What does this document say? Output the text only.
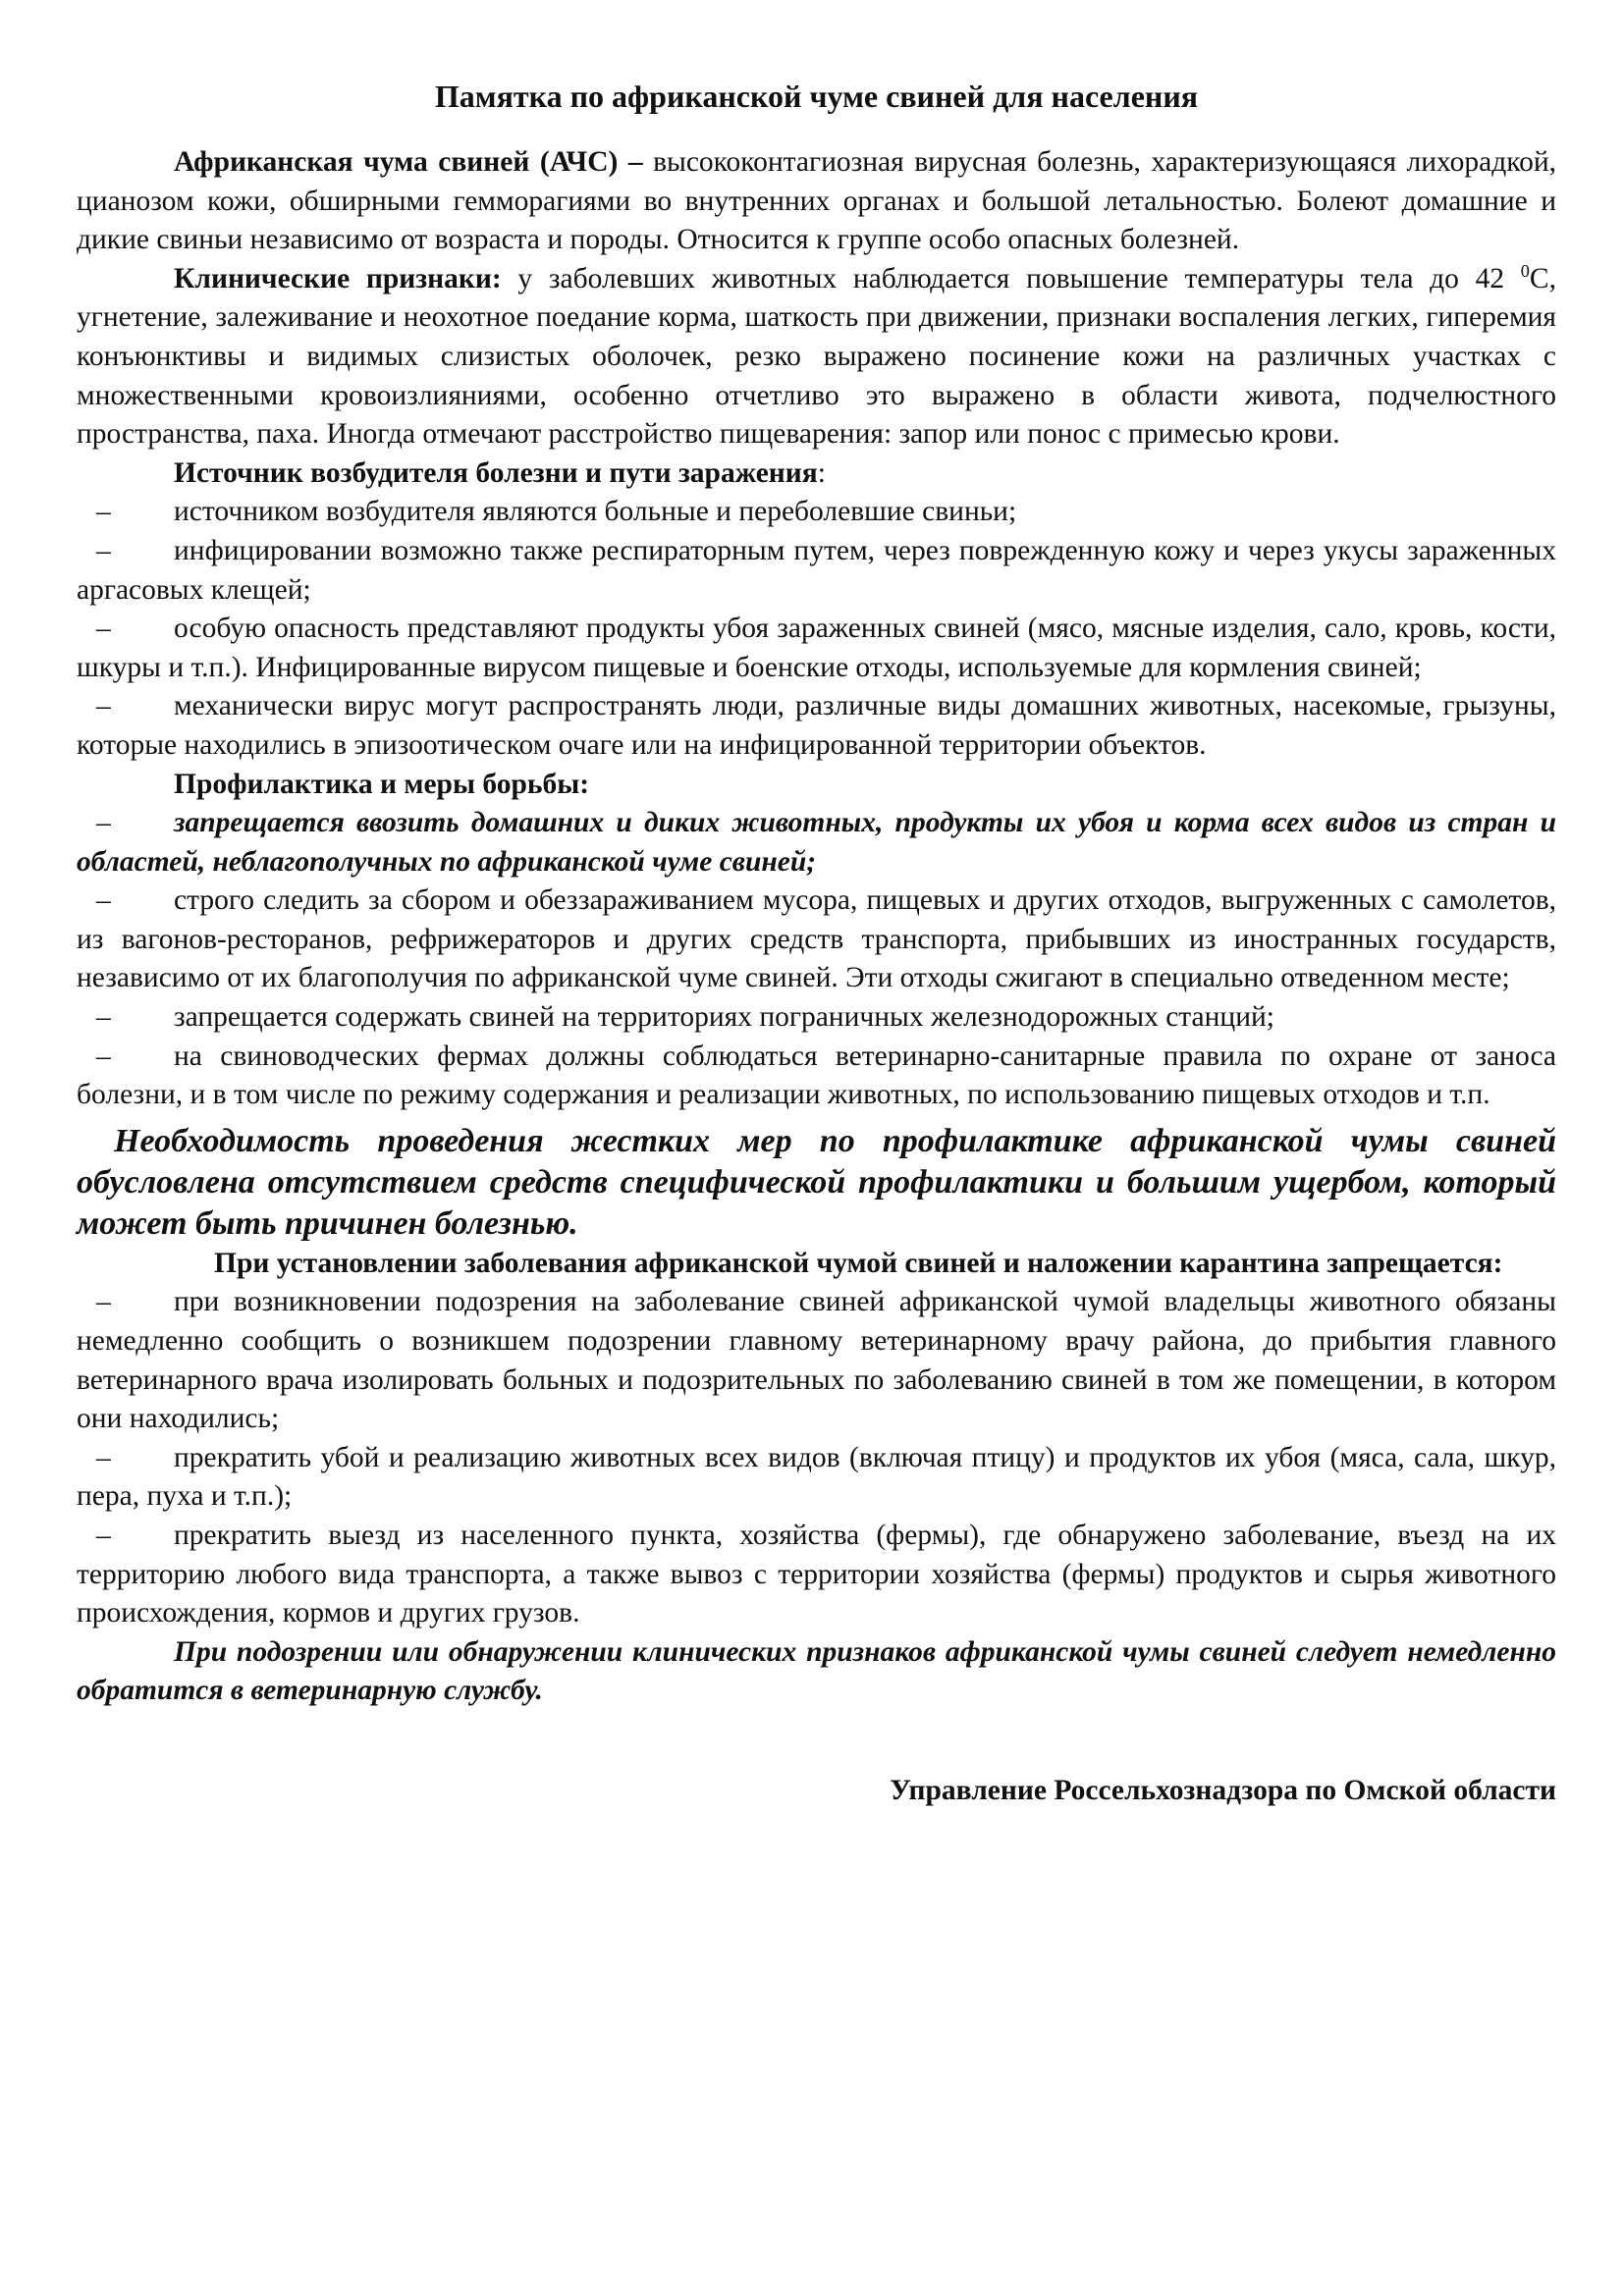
Памятка по африканской чуме свиней для населения

Африканская чума свиней (АЧС) – высококонтагиозная вирусная болезнь, характеризующаяся лихорадкой, цианозом кожи, обширными гемморагиями во внутренних органах и большой летальностью. Болеют домашние и дикие свиньи независимо от возраста и породы. Относится к группе особо опасных болезней.

Клинические признаки: у заболевших животных наблюдается повышение температуры тела до 42 $^0$С, угнетение, залеживание и неохотное поедание корма, шаткость при движении, признаки воспаления легких, гиперемия конъюнктивы и видимых слизистых оболочек, резко выражено посинение кожи на различных участках с множественными кровоизлияниями, особенно отчетливо это выражено в области живота, подчелюстного пространства, паха. Иногда отмечают расстройство пищеварения: запор или понос с примесью крови.

Источник возбудителя болезни и пути заражения:

– источником возбудителя являются больные и переболевшие свиньи;

– инфицировании возможно также респираторным путем, через поврежденную кожу и через укусы зараженных аргасовых клещей;

– особую опасность представляют продукты убоя зараженных свиней (мясо, мясные изделия, сало, кровь, кости, шкуры и т.п.). Инфицированные вирусом пищевые и боенские отходы, используемые для кормления свиней;

– механически вирус могут распространять люди, различные виды домашних животных, насекомые, грызуны, которые находились в эпизоотическом очаге или на инфицированной территории объектов.

Профилактика и меры борьбы:

– запрещается ввозить домашних и диких животных, продукты их убоя и корма всех видов из стран и областей, неблагополучных по африканской чуме свиней;

– строго следить за сбором и обеззараживанием мусора, пищевых и других отходов, выгруженных с самолетов, из вагонов-ресторанов, рефрижераторов и других средств транспорта, прибывших из иностранных государств, независимо от их благополучия по африканской чуме свиней. Эти отходы сжигают в специально отведенном месте;

– запрещается содержать свиней на территориях пограничных железнодорожных станций;

– на свиноводческих фермах должны соблюдаться ветеринарно-санитарные правила по охране от заноса болезни, и в том числе по режиму содержания и реализации животных, по использованию пищевых отходов и т.п.

Необходимость проведения жестких мер по профилактике африканской чумы свиней обусловлена отсутствием средств специфической профилактики и большим ущербом, который может быть причинен болезнью.

При установлении заболевания африканской чумой свиней и наложении карантина запрещается:

– при возникновении подозрения на заболевание свиней африканской чумой владельцы животного обязаны немедленно сообщить о возникшем подозрении главному ветеринарному врачу района, до прибытия главного ветеринарного врача изолировать больных и подозрительных по заболеванию свиней в том же помещении, в котором они находились;

– прекратить убой и реализацию животных всех видов (включая птицу) и продуктов их убоя (мяса, сала, шкур, пера, пуха и т.п.);

– прекратить выезд из населенного пункта, хозяйства (фермы), где обнаружено заболевание, въезд на их территорию любого вида транспорта, а также вывоз с территории хозяйства (фермы) продуктов и сырья животного происхождения, кормов и других грузов.

При подозрении или обнаружении клинических признаков африканской чумы свиней следует немедленно обратится в ветеринарную службу.

Управление Россельхознадзора по Омской области
